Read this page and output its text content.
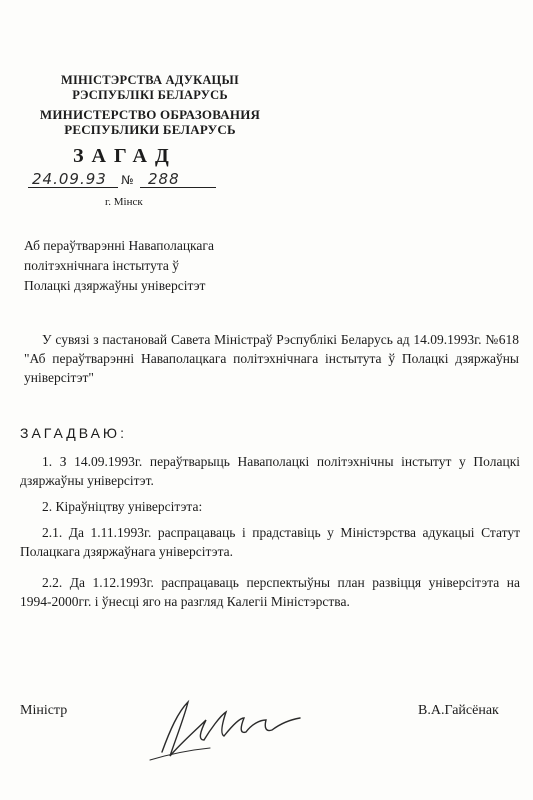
МІНІСТЭРСТВА АДУКАЦЫІ
РЭСПУБЛІКІ БЕЛАРУСЬ
МИНИСТЕРСТВО ОБРАЗОВАНИЯ
РЕСПУБЛИКИ БЕЛАРУСЬ
ЗАГАД
24.09.93 № 288
г. Мінск
Аб пераўтварэнні Наваполацкага
політэхнічнага інстытута ў
Полацкі дзяржаўны універсітэт
У сувязі з пастановай Савета Міністраў Рэспублікі Беларусь ад 14.09.1993г. №618 "Аб пераўтварэнні Наваполацкага політэхнічнага інстытута ў Полацкі дзяржаўны універсітэт"
ЗАГАДВАЮ:
1. З 14.09.1993г. пераўтварыць Наваполацкі політэхнічны інстытут у Полацкі дзяржаўны універсітэт.
2. Кіраўніцтву універсітэта:
2.1. Да 1.11.1993г. распрацаваць і прадставіць у Міністэрства адукацыі Статут Полацкага дзяржаўнага універсітэта.
2.2. Да 1.12.1993г. распрацаваць перспектыўны план развіцця універсітэта на 1994-2000гг. і ўнесці яго на разгляд Калегіі Міністэрства.
Міністр	В.А.Гайсёнак
